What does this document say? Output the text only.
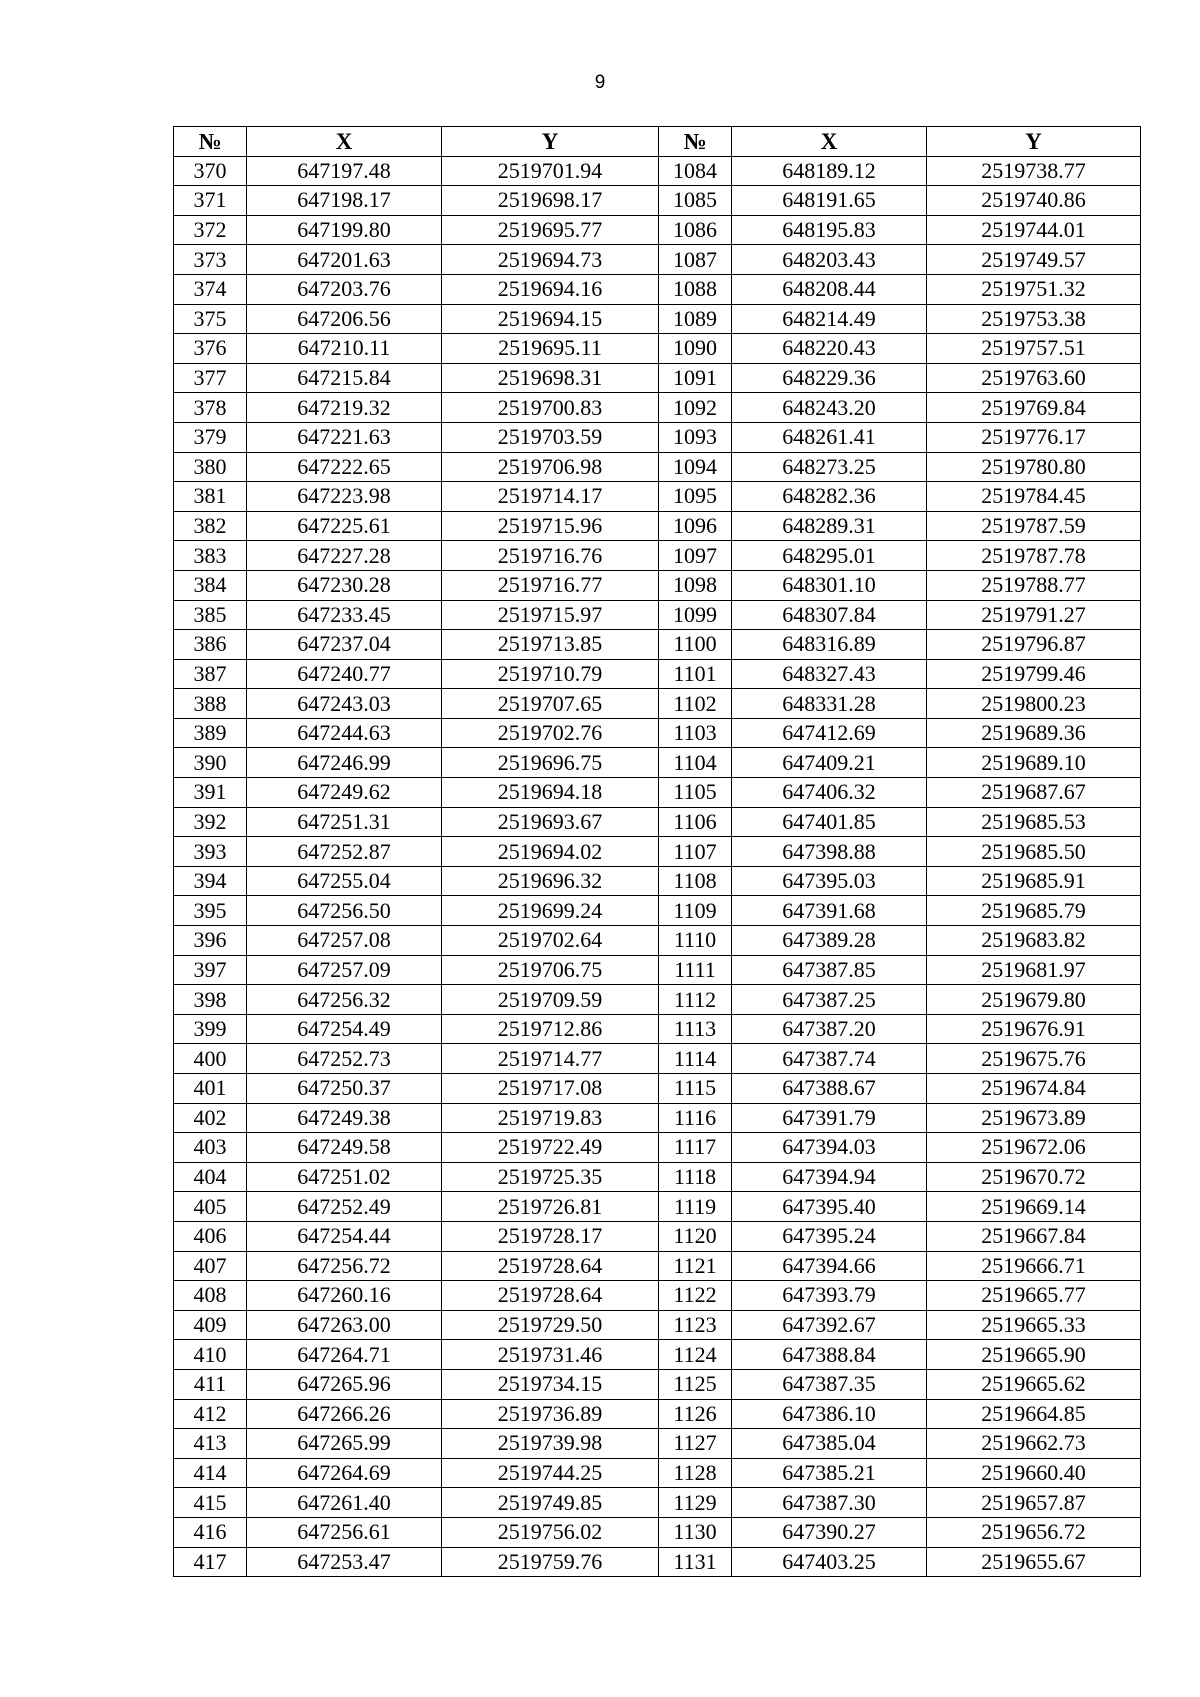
9
№	X	Y	№	X	Y
370	647197.48	2519701.94	1084	648189.12	2519738.77
371	647198.17	2519698.17	1085	648191.65	2519740.86
372	647199.80	2519695.77	1086	648195.83	2519744.01
373	647201.63	2519694.73	1087	648203.43	2519749.57
374	647203.76	2519694.16	1088	648208.44	2519751.32
375	647206.56	2519694.15	1089	648214.49	2519753.38
376	647210.11	2519695.11	1090	648220.43	2519757.51
377	647215.84	2519698.31	1091	648229.36	2519763.60
378	647219.32	2519700.83	1092	648243.20	2519769.84
379	647221.63	2519703.59	1093	648261.41	2519776.17
380	647222.65	2519706.98	1094	648273.25	2519780.80
381	647223.98	2519714.17	1095	648282.36	2519784.45
382	647225.61	2519715.96	1096	648289.31	2519787.59
383	647227.28	2519716.76	1097	648295.01	2519787.78
384	647230.28	2519716.77	1098	648301.10	2519788.77
385	647233.45	2519715.97	1099	648307.84	2519791.27
386	647237.04	2519713.85	1100	648316.89	2519796.87
387	647240.77	2519710.79	1101	648327.43	2519799.46
388	647243.03	2519707.65	1102	648331.28	2519800.23
389	647244.63	2519702.76	1103	647412.69	2519689.36
390	647246.99	2519696.75	1104	647409.21	2519689.10
391	647249.62	2519694.18	1105	647406.32	2519687.67
392	647251.31	2519693.67	1106	647401.85	2519685.53
393	647252.87	2519694.02	1107	647398.88	2519685.50
394	647255.04	2519696.32	1108	647395.03	2519685.91
395	647256.50	2519699.24	1109	647391.68	2519685.79
396	647257.08	2519702.64	1110	647389.28	2519683.82
397	647257.09	2519706.75	1111	647387.85	2519681.97
398	647256.32	2519709.59	1112	647387.25	2519679.80
399	647254.49	2519712.86	1113	647387.20	2519676.91
400	647252.73	2519714.77	1114	647387.74	2519675.76
401	647250.37	2519717.08	1115	647388.67	2519674.84
402	647249.38	2519719.83	1116	647391.79	2519673.89
403	647249.58	2519722.49	1117	647394.03	2519672.06
404	647251.02	2519725.35	1118	647394.94	2519670.72
405	647252.49	2519726.81	1119	647395.40	2519669.14
406	647254.44	2519728.17	1120	647395.24	2519667.84
407	647256.72	2519728.64	1121	647394.66	2519666.71
408	647260.16	2519728.64	1122	647393.79	2519665.77
409	647263.00	2519729.50	1123	647392.67	2519665.33
410	647264.71	2519731.46	1124	647388.84	2519665.90
411	647265.96	2519734.15	1125	647387.35	2519665.62
412	647266.26	2519736.89	1126	647386.10	2519664.85
413	647265.99	2519739.98	1127	647385.04	2519662.73
414	647264.69	2519744.25	1128	647385.21	2519660.40
415	647261.40	2519749.85	1129	647387.30	2519657.87
416	647256.61	2519756.02	1130	647390.27	2519656.72
417	647253.47	2519759.76	1131	647403.25	2519655.67
